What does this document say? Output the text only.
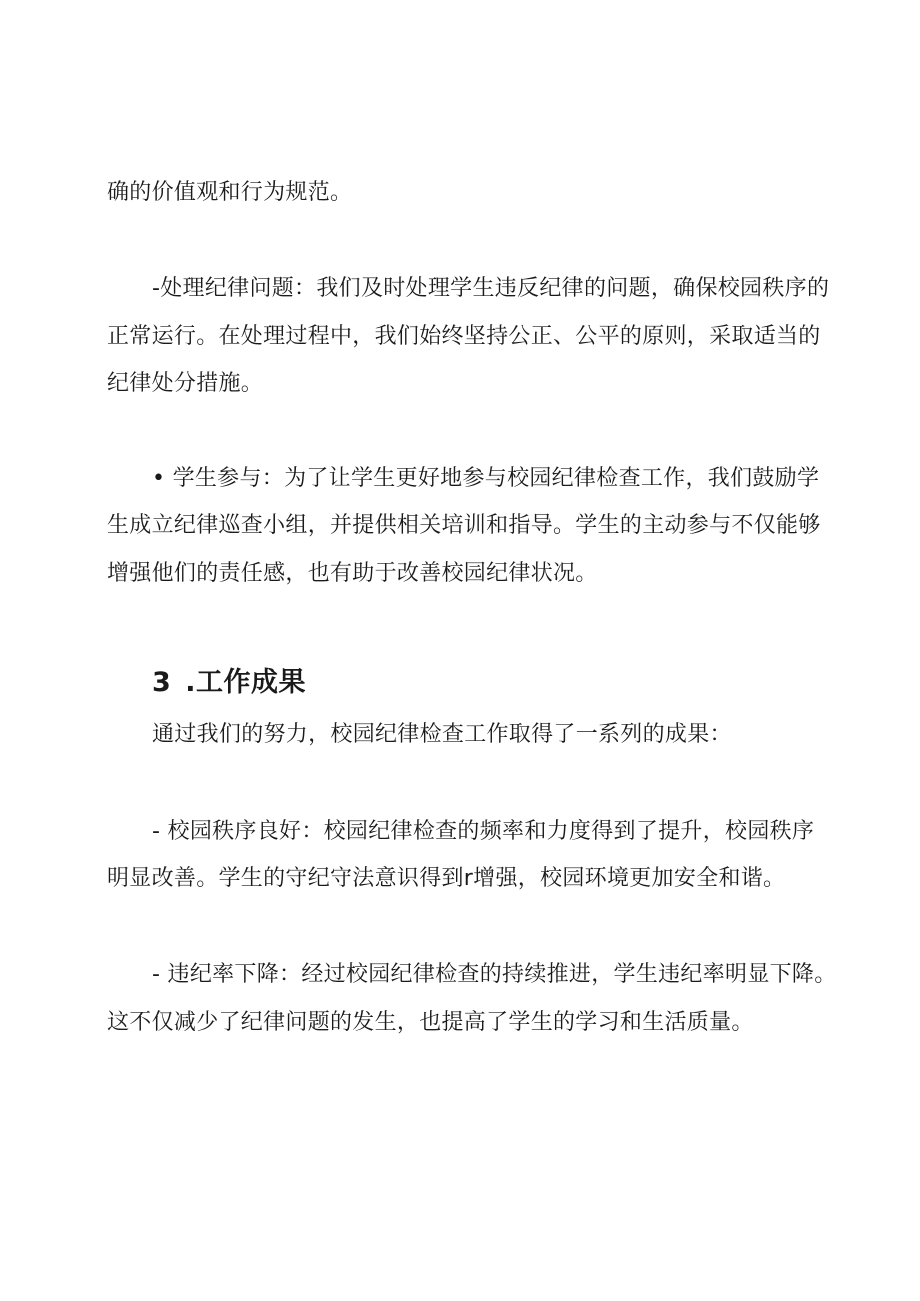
确的价值观和行为规范。
-处理纪律问题：我们及时处理学生违反纪律的问题，确保校园秩序的
正常运行。在处理过程中，我们始终坚持公正、公平的原则，采取适当的
纪律处分措施。
• 学生参与：为了让学生更好地参与校园纪律检查工作，我们鼓励学
生成立纪律巡查小组，并提供相关培训和指导。学生的主动参与不仅能够
增强他们的责任感，也有助于改善校园纪律状况。
3 .工作成果
通过我们的努力，校园纪律检查工作取得了一系列的成果：
- 校园秩序良好：校园纪律检查的频率和力度得到了提升，校园秩序
明显改善。学生的守纪守法意识得到r增强，校园环境更加安全和谐。
- 违纪率下降：经过校园纪律检查的持续推进，学生违纪率明显下降。
这不仅减少了纪律问题的发生，也提高了学生的学习和生活质量。
